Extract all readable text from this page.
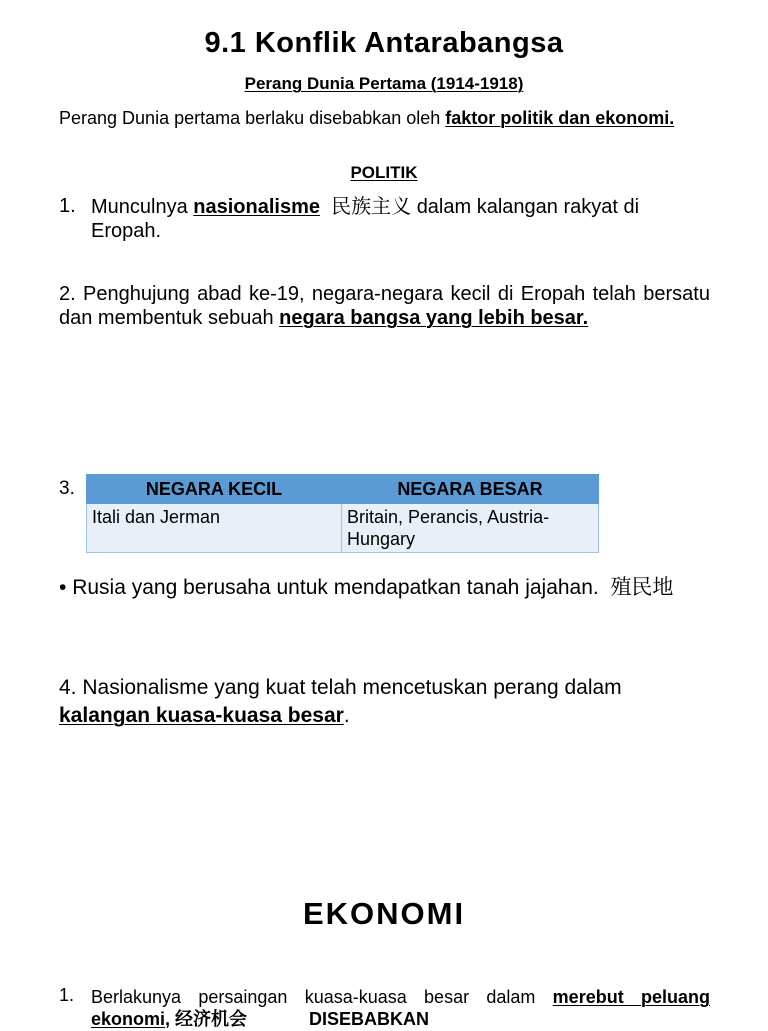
9.1 Konflik Antarabangsa
Perang Dunia Pertama (1914-1918)
Perang Dunia pertama berlaku disebabkan oleh faktor politik dan ekonomi.
POLITIK
1. Munculnya nasionalisme 民族主义 dalam kalangan rakyat di Eropah.
2. Penghujung abad ke-19, negara-negara kecil di Eropah telah bersatu dan membentuk sebuah negara bangsa yang lebih besar.
3.	NEGARA KECIL	NEGARA BESAR
Itali dan Jerman	Britain, Perancis, Austria-Hungary
• Rusia yang berusaha untuk mendapatkan tanah jajahan. 殖民地
4. Nasionalisme yang kuat telah mencetuskan perang dalam kalangan kuasa-kuasa besar.
EKONOMI
1. Berlakunya persaingan kuasa-kuasa besar dalam merebut peluang
ekonomi, 经济机会	DISEBABKAN
